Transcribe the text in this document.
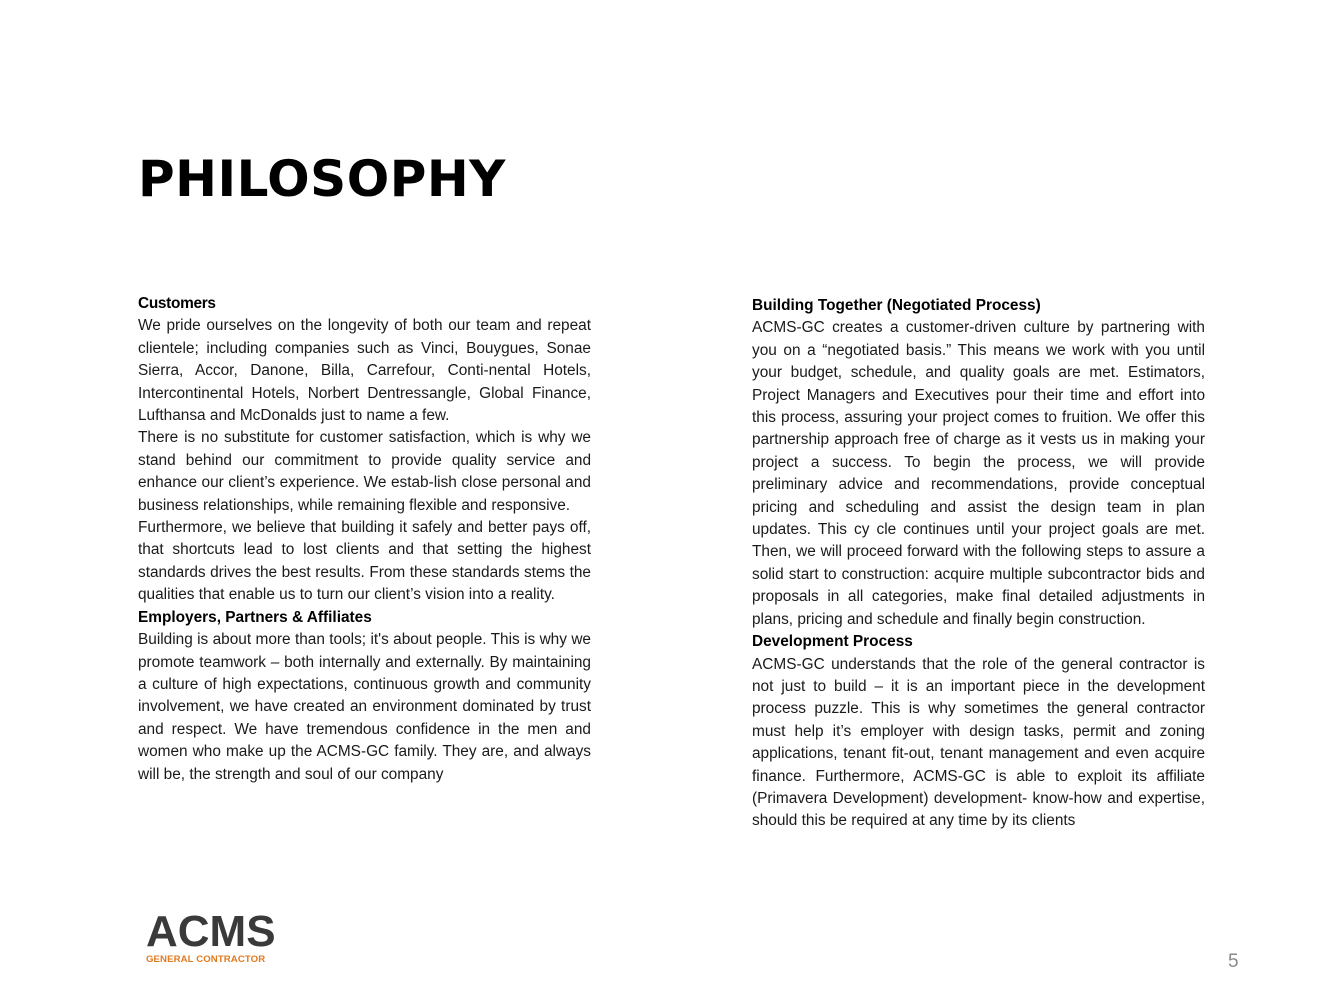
PHILOSOPHY

Customers

We pride ourselves on the longevity of both our team and repeat clientele; including companies such as Vinci, Bouygues, Sonae Sierra, Accor, Danone, Billa, Carrefour, Conti-nental Hotels, Intercontinental Hotels, Norbert Dentressangle, Global Finance, Lufthansa and McDonalds just to name a few.

There is no substitute for customer satisfaction, which is why we stand behind our commitment to provide quality service and enhance our client’s experience. We estab-lish close personal and business relationships, while remaining flexible and responsive.

Furthermore, we believe that building it safely and better pays off, that shortcuts lead to lost clients and that setting the highest standards drives the best results. From these standards stems the qualities that enable us to turn our client’s vision into a reality.

Employers, Partners & Affiliates

Building is about more than tools; it's about people. This is why we promote teamwork – both internally and externally. By maintaining a culture of high expectations, continuous growth and community involvement, we have created an environment dominated by trust and respect. We have tremendous confidence in the men and women who make up the ACMS-GC family. They are, and always will be, the strength and soul of our company

Building Together (Negotiated Process)

ACMS-GC creates a customer-driven culture by partnering with you on a “negotiated basis.” This means we work with you until your budget, schedule, and quality goals are met. Estimators, Project Managers and Executives pour their time and effort into this process, assuring your project comes to fruition. We offer this partnership approach free of charge as it vests us in making your project a success. To begin the process, we will provide preliminary advice and recommendations, provide conceptual pricing and scheduling and assist the design team in plan updates. This cy cle continues until your project goals are met. Then, we will proceed forward with the following steps to assure a solid start to construction: acquire multiple subcontractor bids and proposals in all categories, make final detailed adjustments in plans, pricing and schedule and finally begin construction.

Development Process

ACMS-GC understands that the role of the general contractor is not just to build – it is an important piece in the development process puzzle. This is why sometimes the general contractor must help it’s employer with design tasks, permit and zoning applications, tenant fit-out, tenant management and even acquire finance. Furthermore, ACMS-GC is able to exploit its affiliate (Primavera Development) development- know-how and expertise, should this be required at any time by its clients

ACMS
GENERAL CONTRACTOR	5
